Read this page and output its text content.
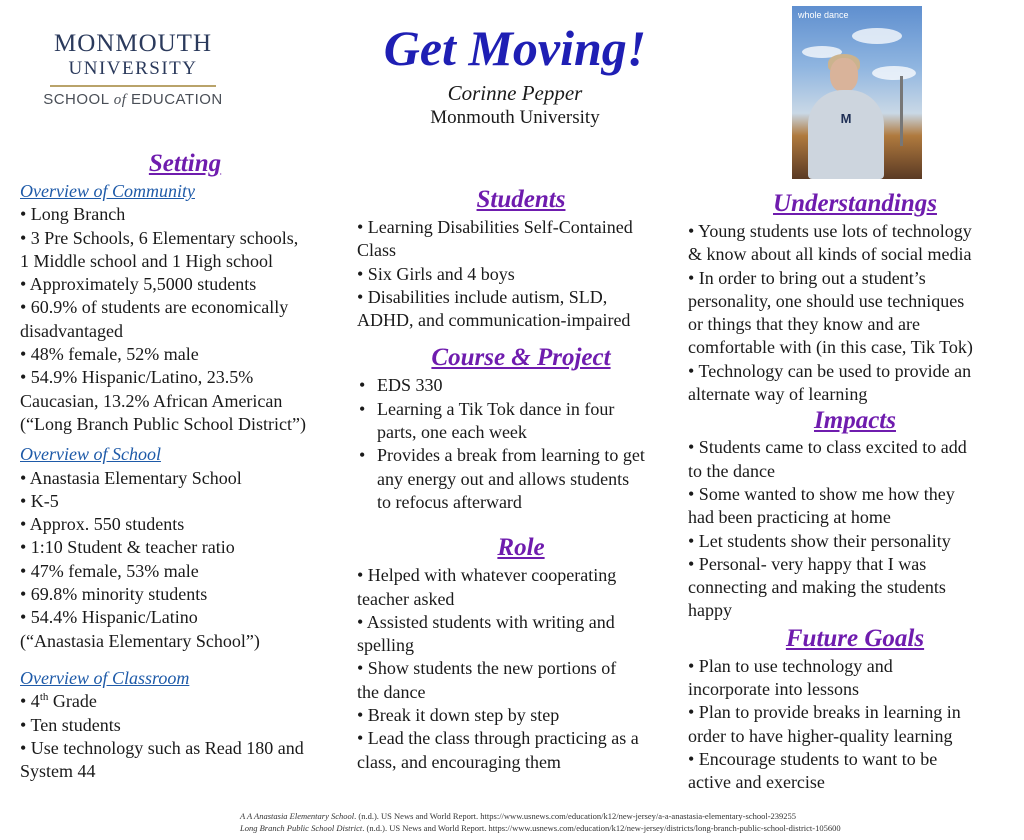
MONMOUTH
UNIVERSITY
SCHOOL of EDUCATION
Get Moving!
Corinne Pepper
Monmouth University	M
whole dance
Setting
Overview of Community
• Long Branch
• 3 Pre Schools, 6 Elementary schools,
1 Middle school and 1 High school
• Approximately 5,5000 students
• 60.9% of students are economically
disadvantaged
• 48% female, 52% male
• 54.9% Hispanic/Latino, 23.5%
Caucasian, 13.2% African American
(“Long Branch Public School District”)
Overview of School
• Anastasia Elementary School
• K-5
• Approx. 550 students
• 1:10 Student & teacher ratio
• 47% female, 53% male
• 69.8% minority students
• 54.4% Hispanic/Latino
(“Anastasia Elementary School”)
Overview of Classroom
• 4th Grade
• Ten students
• Use technology such as Read 180 and
System 44
Students
• Learning Disabilities Self-Contained
Class
• Six Girls and 4 boys
• Disabilities include autism, SLD,
ADHD, and communication-impaired
Course & Project
• EDS 330
• Learning a Tik Tok dance in four
parts, one each week
• Provides a break from learning to get
any energy out and allows students
to refocus afterward
Role
• Helped with whatever cooperating
teacher asked
• Assisted students with writing and
spelling
• Show students the new portions of
the dance
• Break it down step by step
• Lead the class through practicing as a
class, and encouraging them
Understandings
• Young students use lots of technology
& know about all kinds of social media
• In order to bring out a student’s
personality, one should use techniques
or things that they know and are
comfortable with (in this case, Tik Tok)
• Technology can be used to provide an
alternate way of learning
Impacts
• Students came to class excited to add
to the dance
• Some wanted to show me how they
had been practicing at home
• Let students show their personality
• Personal- very happy that I was
connecting and making the students
happy
Future Goals
• Plan to use technology and
incorporate into lessons
• Plan to provide breaks in learning in
order to have higher-quality learning
• Encourage students to want to be
active and exercise
A A Anastasia Elementary School. (n.d.). US News and World Report. https://www.usnews.com/education/k12/new-jersey/a-a-anastasia-elementary-school-239255
Long Branch Public School District. (n.d.). US News and World Report. https://www.usnews.com/education/k12/new-jersey/districts/long-branch-public-school-district-105600
